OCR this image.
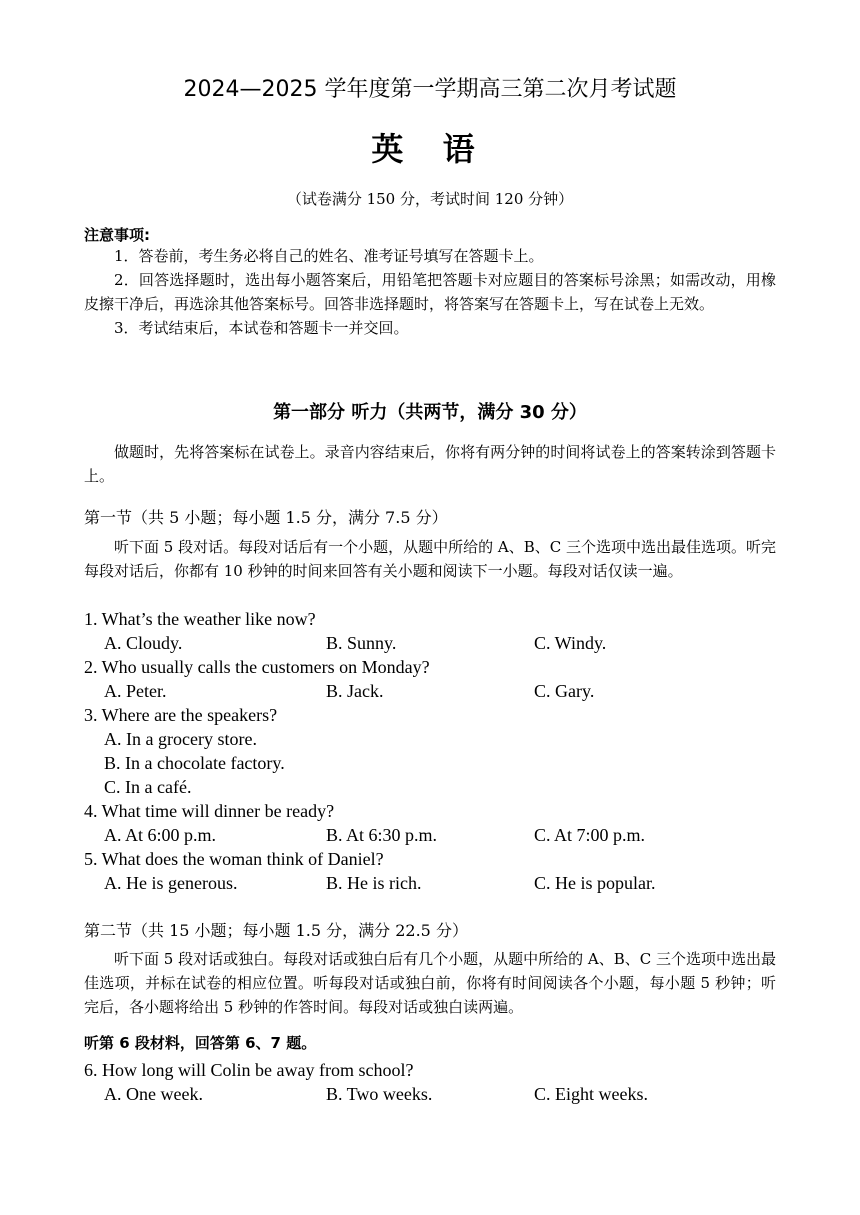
2024—2025 学年度第一学期高三第二次月考试题
英 语
（试卷满分 150 分，考试时间 120 分钟）
注意事项:

1．答卷前，考生务必将自己的姓名、准考证号填写在答题卡上。

2．回答选择题时，选出每小题答案后，用铅笔把答题卡对应题目的答案标号涂黑；如需改动，用橡皮擦干净后，再选涂其他答案标号。回答非选择题时，将答案写在答题卡上，写在试卷上无效。

3．考试结束后，本试卷和答题卡一并交回。

第一部分 听力（共两节，满分 30 分）

做题时，先将答案标在试卷上。录音内容结束后，你将有两分钟的时间将试卷上的答案转涂到答题卡上。

第一节（共 5 小题；每小题 1.5 分，满分 7.5 分）

听下面 5 段对话。每段对话后有一个小题，从题中所给的 A、B、C 三个选项中选出最佳选项。听完每段对话后，你都有 10 秒钟的时间来回答有关小题和阅读下一小题。每段对话仅读一遍。

1. What’s the weather like now?
A. Cloudy.	B. Sunny.	C. Windy.
2. Who usually calls the customers on Monday?
A. Peter.	B. Jack.	C. Gary.
3. Where are the speakers?
A. In a grocery store.
B. In a chocolate factory.
C. In a café.
4. What time will dinner be ready?
A. At 6:00 p.m.	B. At 6:30 p.m.	C. At 7:00 p.m.
5. What does the woman think of Daniel?
A. He is generous.	B. He is rich.	C. He is popular.
第二节（共 15 小题；每小题 1.5 分，满分 22.5 分）

听下面 5 段对话或独白。每段对话或独白后有几个小题，从题中所给的 A、B、C 三个选项中选出最佳选项，并标在试卷的相应位置。听每段对话或独白前，你将有时间阅读各个小题，每小题 5 秒钟；听完后，各小题将给出 5 秒钟的作答时间。每段对话或独白读两遍。

听第 6 段材料，回答第 6、7 题。
6. How long will Colin be away from school?
A. One week.	B. Two weeks.	C. Eight weeks.
